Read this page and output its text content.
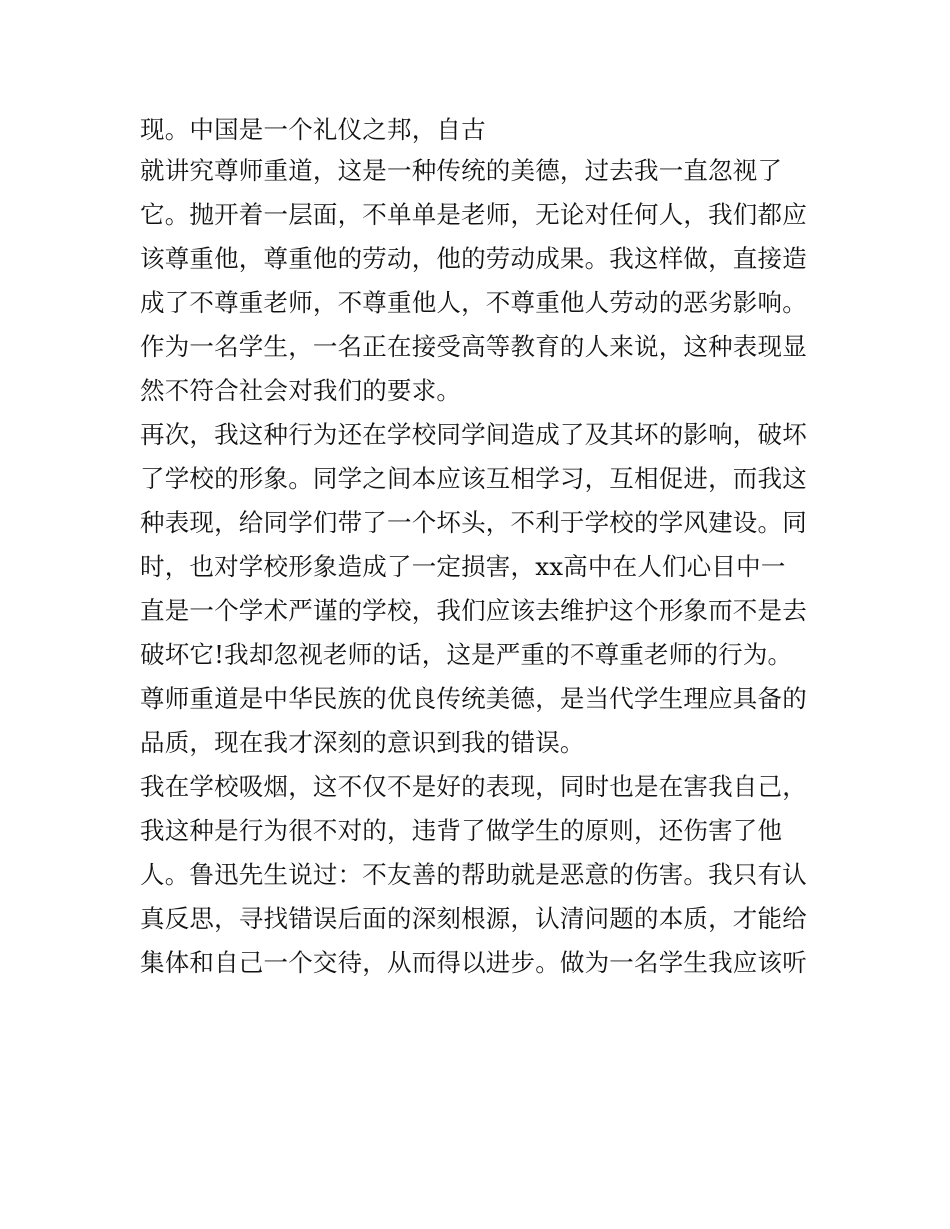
现。中国是一个礼仪之邦，自古
就讲究尊师重道，这是一种传统的美德，过去我一直忽视了
它。抛开着一层面，不单单是老师，无论对任何人，我们都应
该尊重他，尊重他的劳动，他的劳动成果。我这样做，直接造
成了不尊重老师，不尊重他人，不尊重他人劳动的恶劣影响。
作为一名学生，一名正在接受高等教育的人来说，这种表现显
然不符合社会对我们的要求。
再次，我这种行为还在学校同学间造成了及其坏的影响，破坏
了学校的形象。同学之间本应该互相学习，互相促进，而我这
种表现，给同学们带了一个坏头，不利于学校的学风建设。同
时，也对学校形象造成了一定损害，xx高中在人们心目中一
直是一个学术严谨的学校，我们应该去维护这个形象而不是去
破坏它!我却忽视老师的话，这是严重的不尊重老师的行为。
尊师重道是中华民族的优良传统美德，是当代学生理应具备的
品质，现在我才深刻的意识到我的错误。
我在学校吸烟，这不仅不是好的表现，同时也是在害我自己，
我这种是行为很不对的，违背了做学生的原则，还伤害了他
人。鲁迅先生说过：不友善的帮助就是恶意的伤害。我只有认
真反思，寻找错误后面的深刻根源，认清问题的本质，才能给
集体和自己一个交待，从而得以进步。做为一名学生我应该听
